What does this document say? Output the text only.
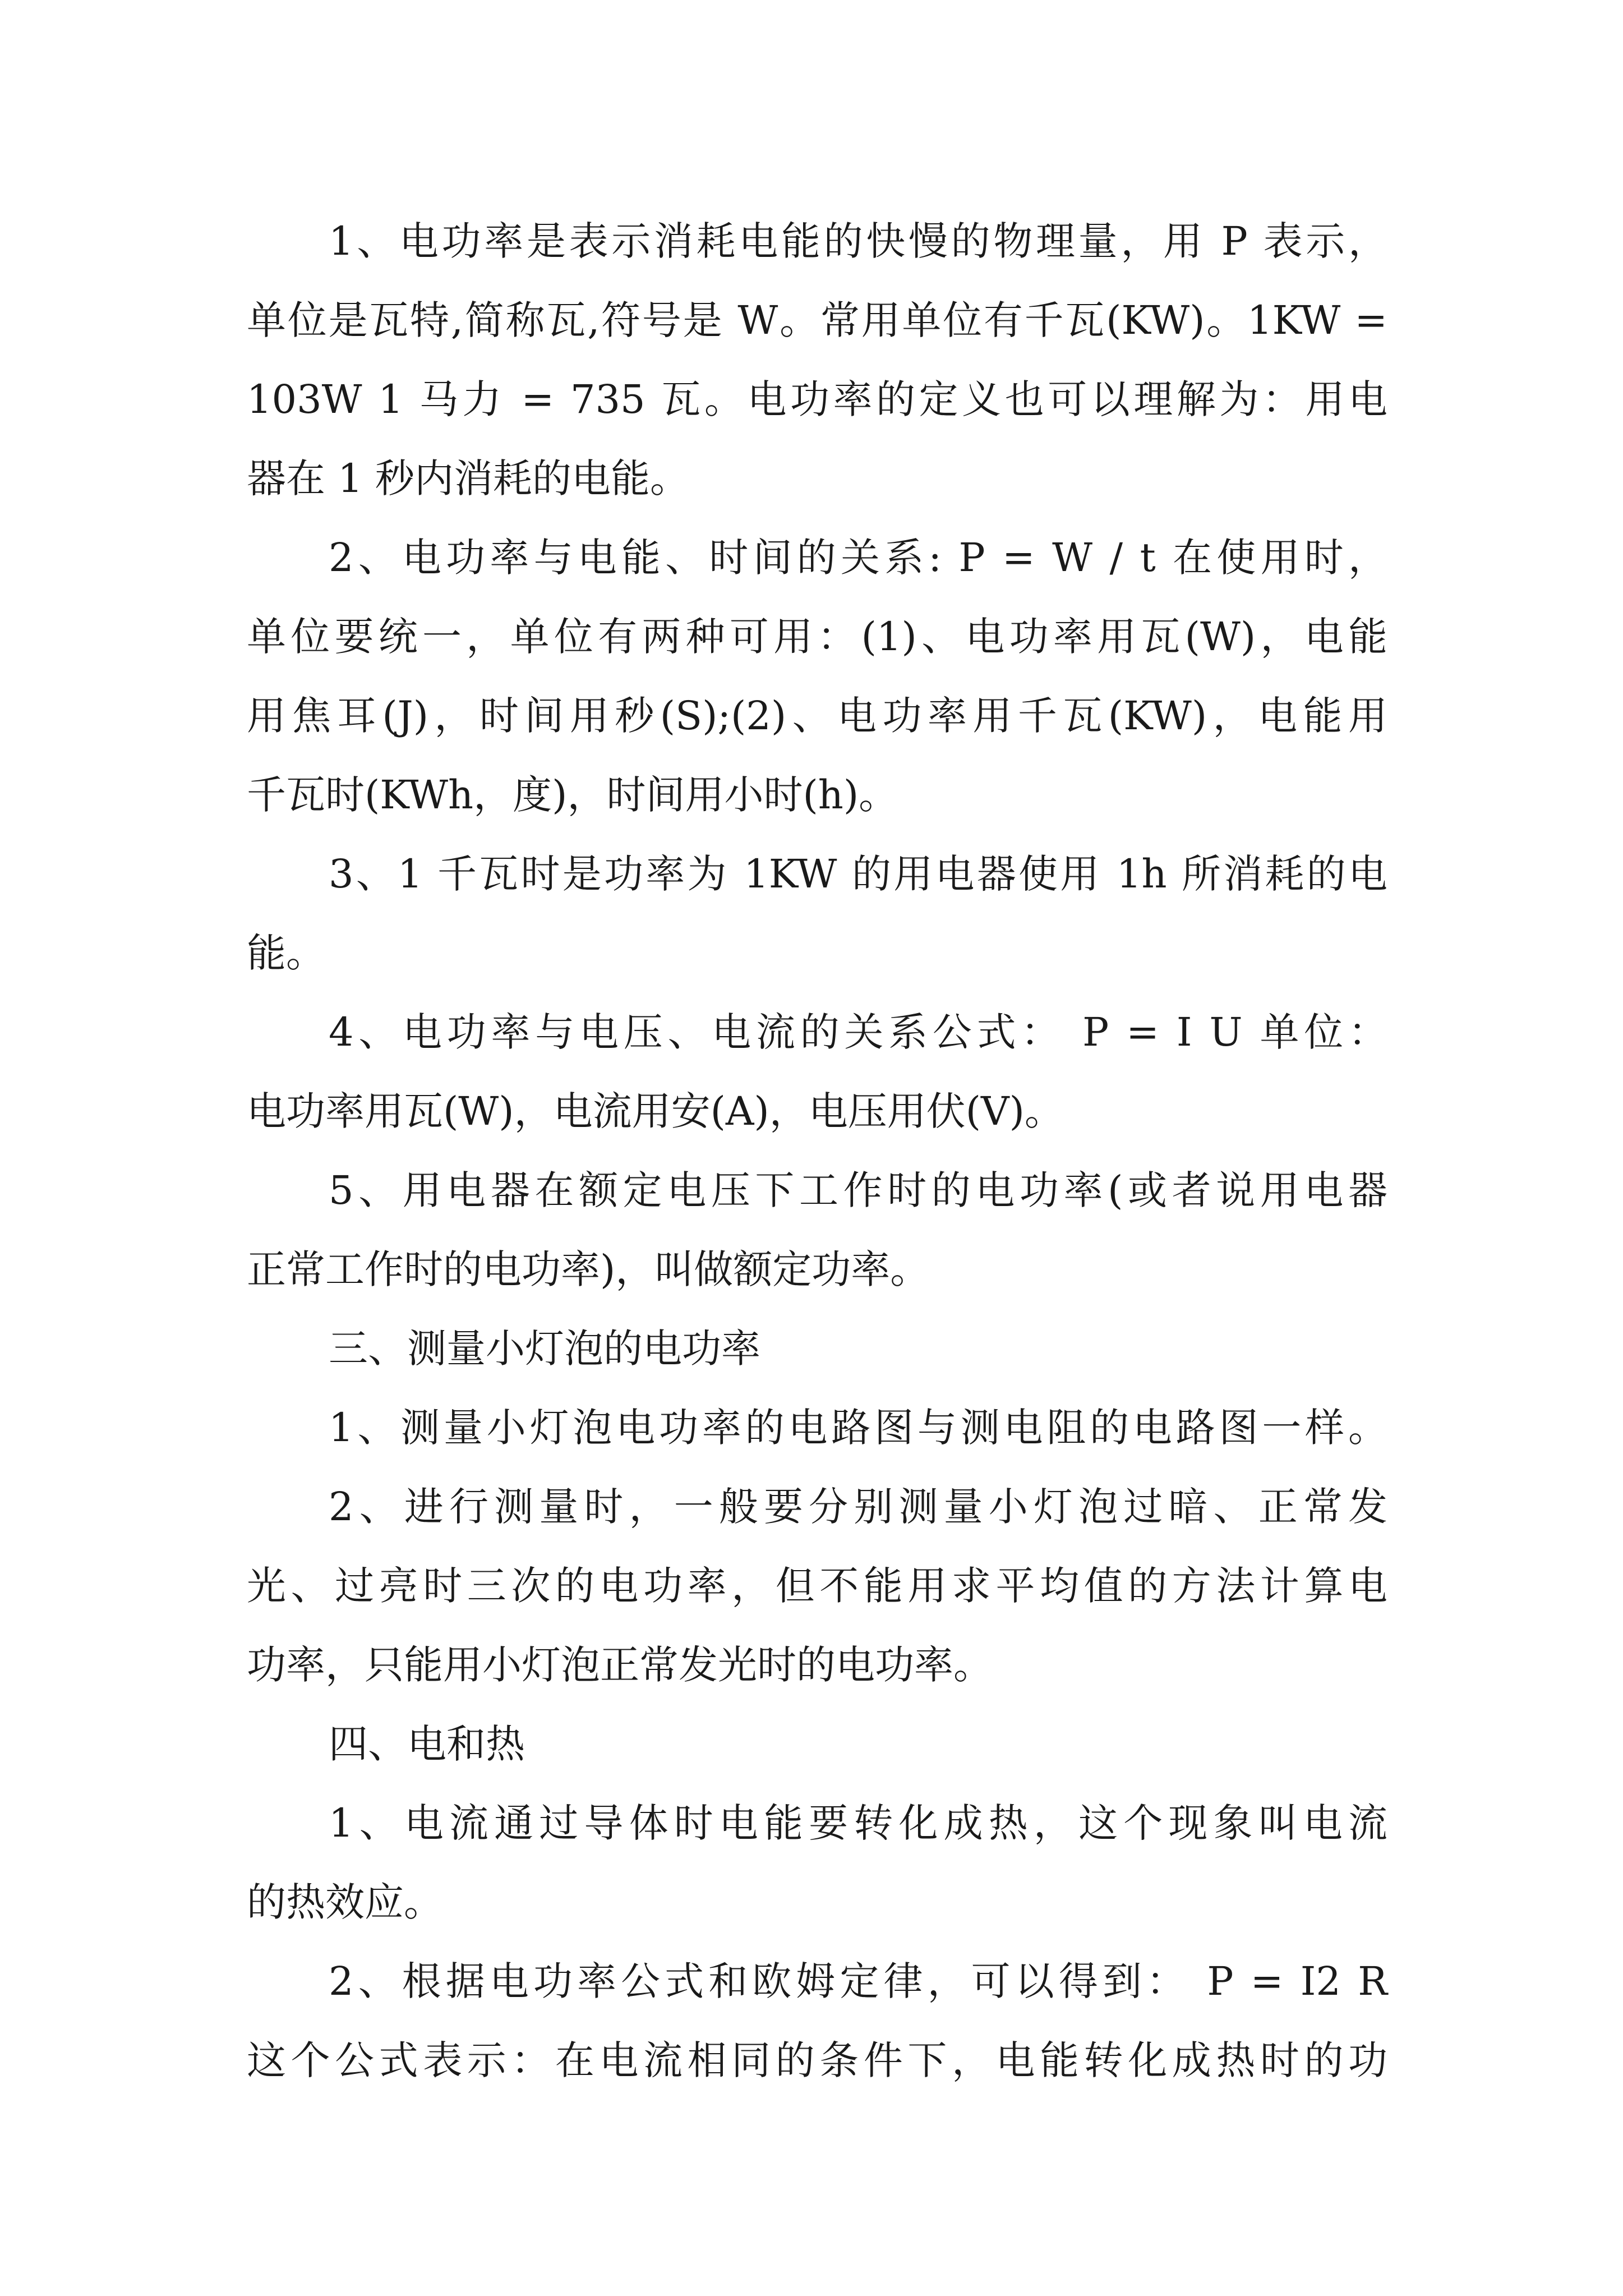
1、电功率是表示消耗电能的快慢的物理量，用 P 表示，
单位是瓦特,简称瓦,符号是 W。常用单位有千瓦(KW)。1KW =
103W 1 马力 = 735 瓦。电功率的定义也可以理解为：用电
器在 1 秒内消耗的电能。
2、电功率与电能、时间的关系: P = W / t 在使用时，
单位要统一，单位有两种可用：(1)、电功率用瓦(W)，电能
用焦耳(J)，时间用秒(S);(2)、电功率用千瓦(KW)，电能用
千瓦时(KWh，度)，时间用小时(h)。
3、1 千瓦时是功率为 1KW 的用电器使用 1h 所消耗的电
能。
4、电功率与电压、电流的关系公式： P = I U 单位：
电功率用瓦(W)，电流用安(A)，电压用伏(V)。
5、用电器在额定电压下工作时的电功率(或者说用电器
正常工作时的电功率)，叫做额定功率。
三、测量小灯泡的电功率
1、测量小灯泡电功率的电路图与测电阻的电路图一样。
2、进行测量时，一般要分别测量小灯泡过暗、正常发
光、过亮时三次的电功率，但不能用求平均值的方法计算电
功率，只能用小灯泡正常发光时的电功率。
四、电和热
1、电流通过导体时电能要转化成热，这个现象叫电流
的热效应。
2、根据电功率公式和欧姆定律，可以得到： P = I2 R
这个公式表示：在电流相同的条件下，电能转化成热时的功
